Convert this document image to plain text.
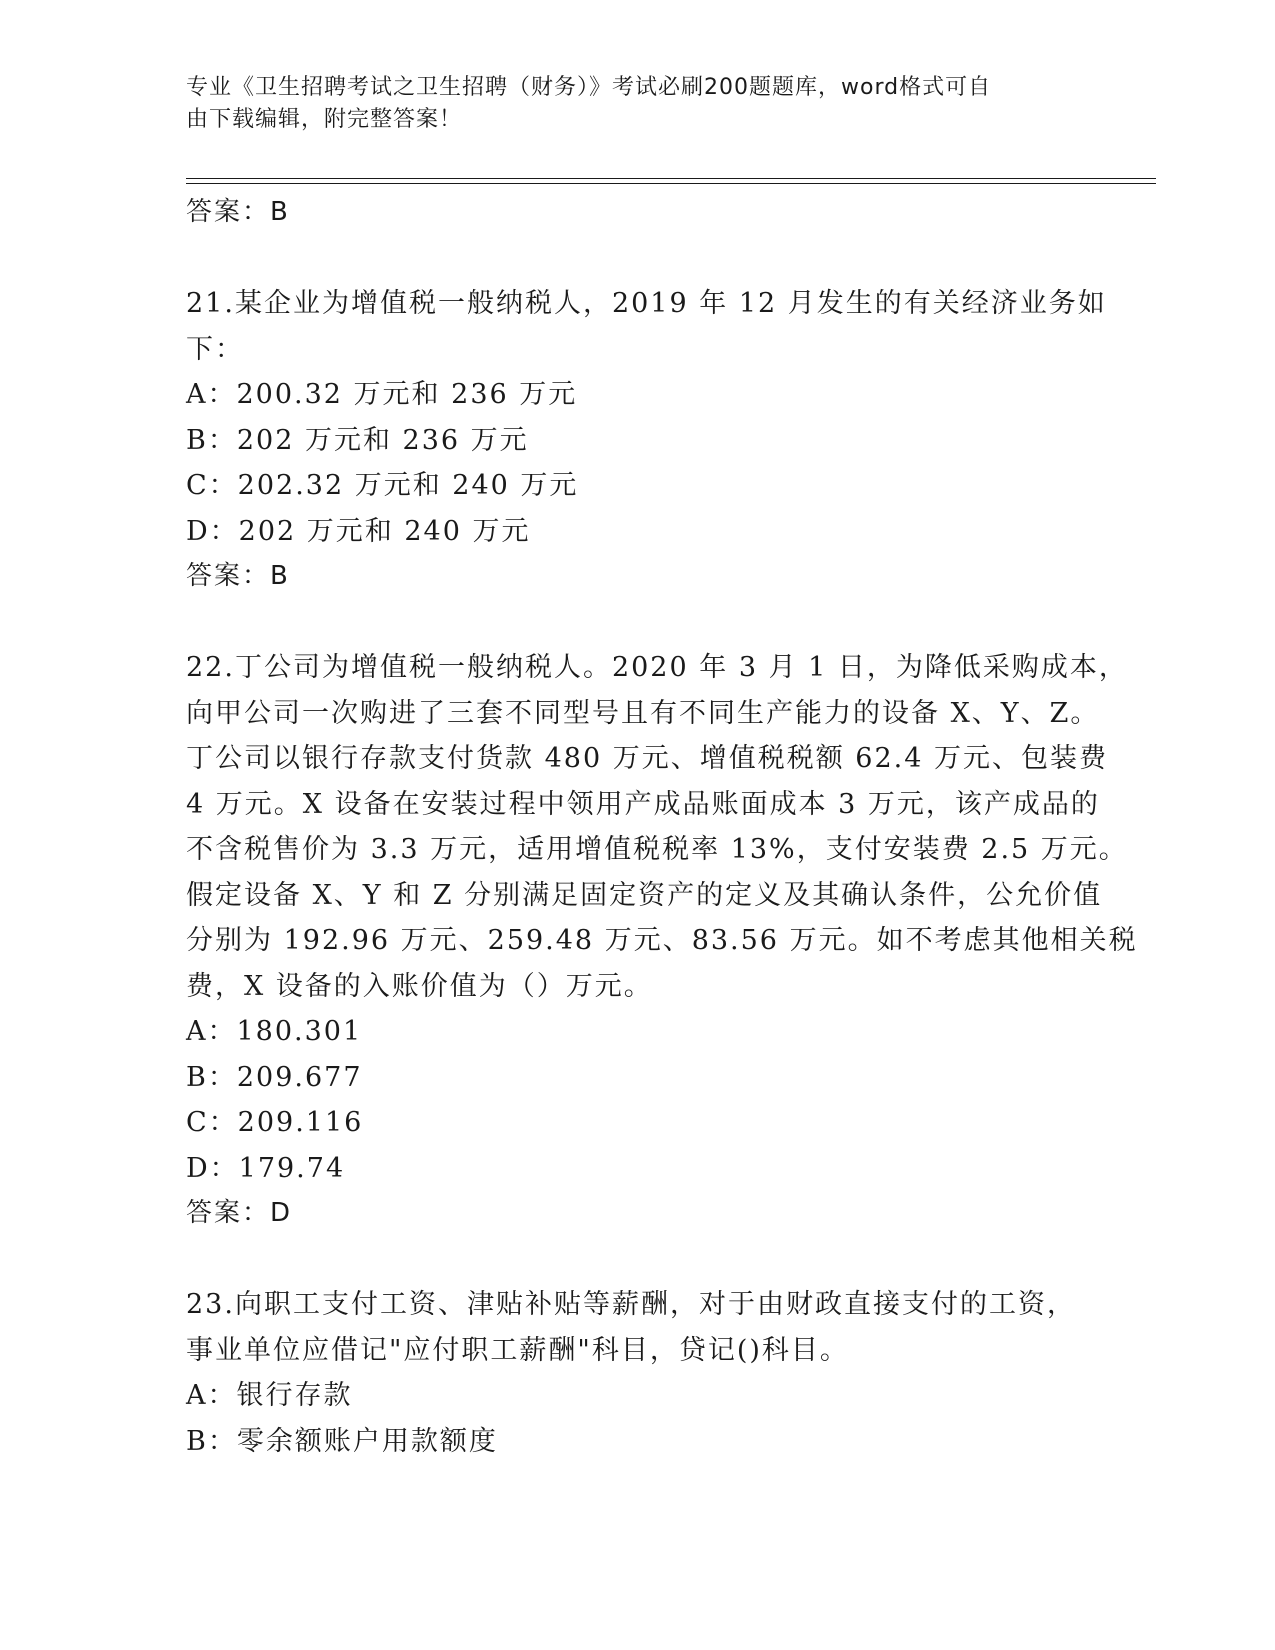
专业《卫生招聘考试之卫生招聘（财务）》考试必刷200题题库，word格式可自
由下载编辑，附完整答案！
答案：B
21.某企业为增值税一般纳税人，2019 年 12 月发生的有关经济业务如
下：
A：200.32 万元和 236 万元
B：202 万元和 236 万元
C：202.32 万元和 240 万元
D：202 万元和 240 万元
答案：B
22.丁公司为增值税一般纳税人。2020 年 3 月 1 日，为降低采购成本，
向甲公司一次购进了三套不同型号且有不同生产能力的设备 X、Y、Z。
丁公司以银行存款支付货款 480 万元、增值税税额 62.4 万元、包装费
4 万元。X 设备在安装过程中领用产成品账面成本 3 万元，该产成品的
不含税售价为 3.3 万元，适用增值税税率 13%，支付安装费 2.5 万元。
假定设备 X、Y 和 Z 分别满足固定资产的定义及其确认条件，公允价值
分别为 192.96 万元、259.48 万元、83.56 万元。如不考虑其他相关税
费，X 设备的入账价值为（）万元。
A：180.301
B：209.677
C：209.116
D：179.74
答案：D
23.向职工支付工资、津贴补贴等薪酬，对于由财政直接支付的工资，
事业单位应借记"应付职工薪酬"科目，贷记()科目。
A：银行存款
B：零余额账户用款额度
